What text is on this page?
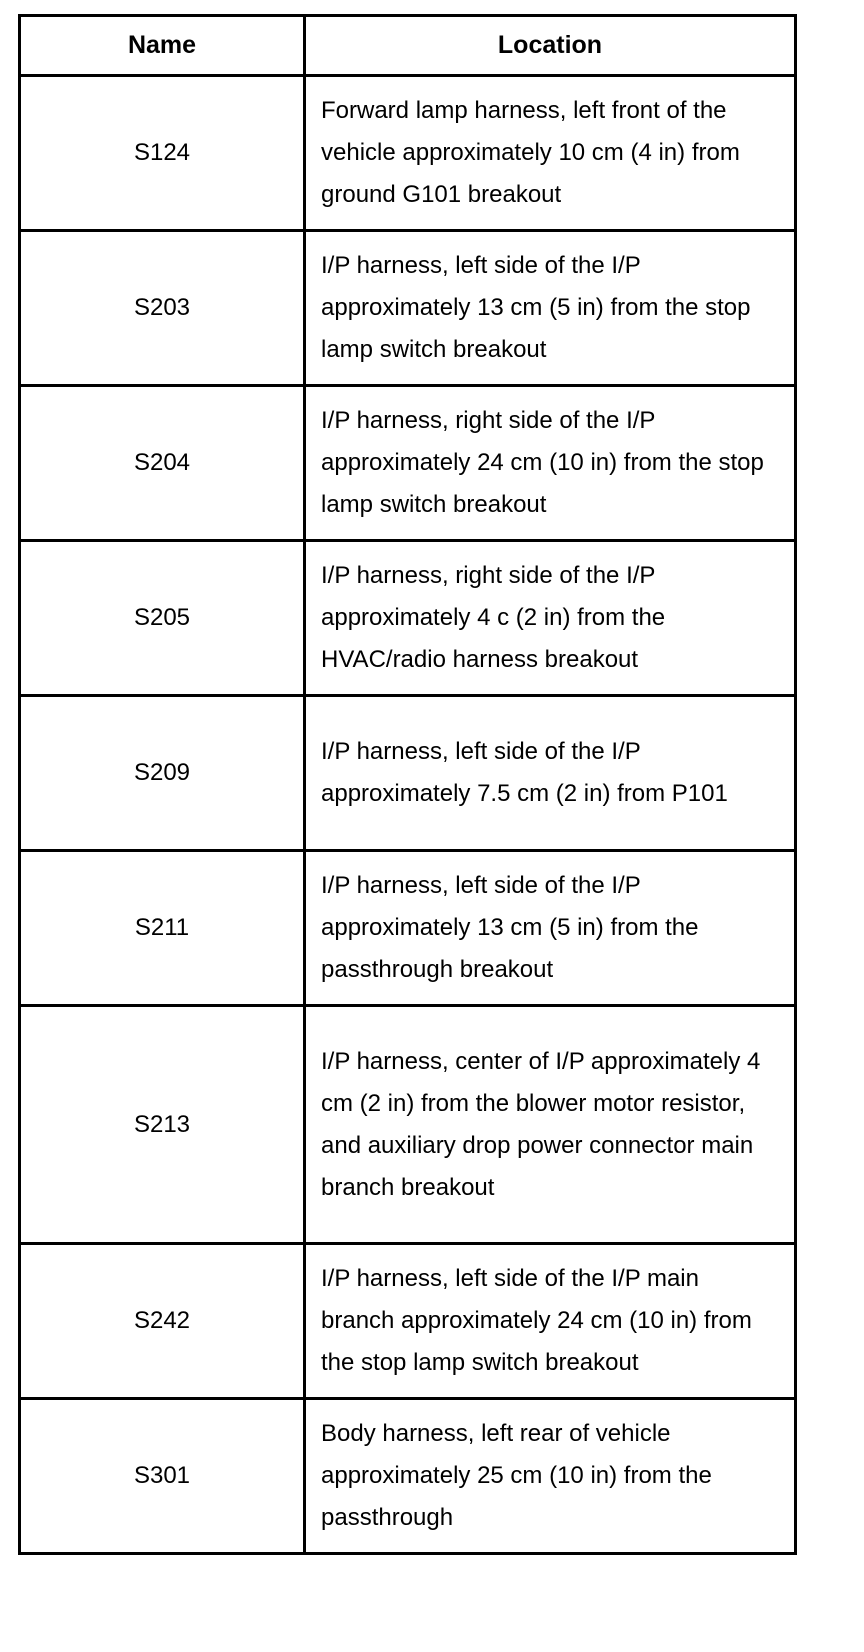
Name	Location
S124	Forward lamp harness, left front of the vehicle approximately 10 cm (4 in) from ground G101 breakout
S203	I/P harness, left side of the I/P approximately 13 cm (5 in) from the stop lamp switch breakout
S204	I/P harness, right side of the I/P approximately 24 cm (10 in) from the stop lamp switch breakout
S205	I/P harness, right side of the I/P approximately 4 c (2 in) from the HVAC/radio harness breakout
S209	I/P harness, left side of the I/P approximately 7.5 cm (2 in) from P101
S211	I/P harness, left side of the I/P approximately 13 cm (5 in) from the passthrough breakout
S213	I/P harness, center of I/P approximately 4 cm (2 in) from the blower motor resistor, and auxiliary drop power connector main branch breakout
S242	I/P harness, left side of the I/P main branch approximately 24 cm (10 in) from the stop lamp switch breakout
S301	Body harness, left rear of vehicle approximately 25 cm (10 in) from the passthrough
